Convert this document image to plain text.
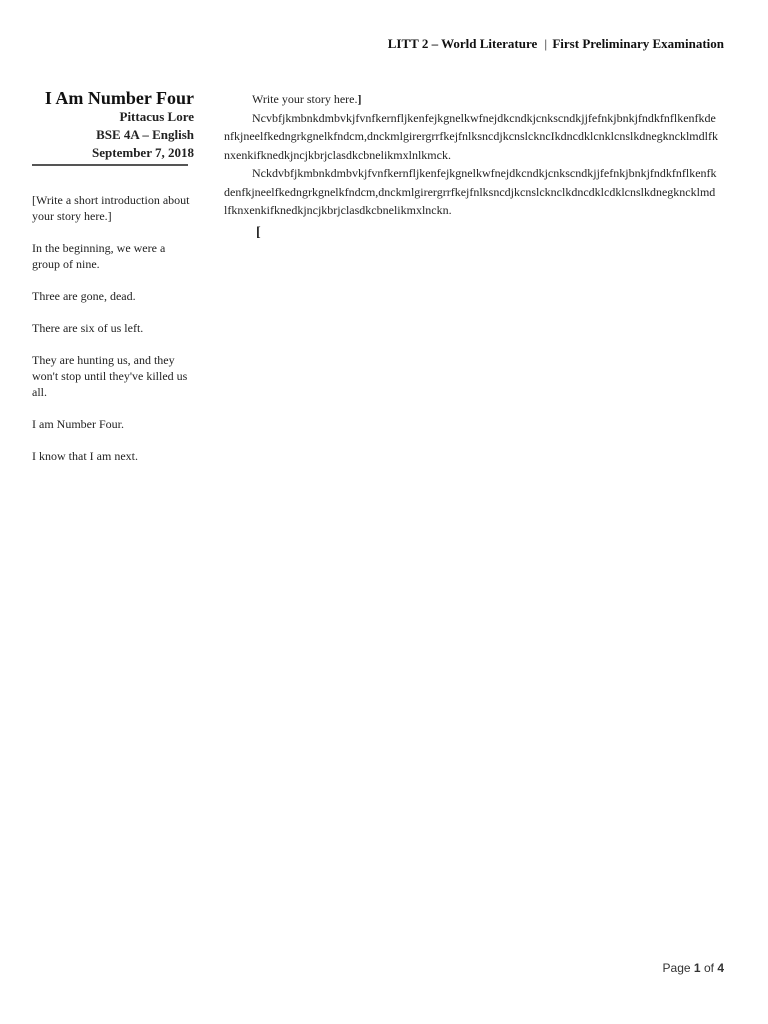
LITT 2 – World Literature | First Preliminary Examination
I Am Number Four
Pittacus Lore
BSE 4A – English
September 7, 2018

[Write a short introduction about your story here.]

In the beginning, we were a group of nine.

Three are gone, dead.

There are six of us left.

They are hunting us, and they won't stop until they've killed us all.

I am Number Four.

I know that I am next.

Write your story here.]

Ncvbfjkmbnkdmbvkjfvnfkernfljkenfejkgnelkwfnejdkcndkjcnkscndkjjfefnkjbnkjfndkfnflkenfkdenfkjneelfkedngrkgnelkfndcm,dnckmlgirergrrfkejfnlksncdjkcnslckncIkdncdklcnklcnslkdnegkncklmdlfknxenkifknedkjncjkbrjclasdkcbnelikmxlnlkmck.

Nckdvbfjkmbnkdmbvkjfvnfkernfljkenfejkgnelkwfnejdkcndkjcnkscndkjjfefnkjbnkjfndkfnflkenfkdenfkjneelfkedngrkgnelkfndcm,dnckmlgirergrrfkejfnlksncdjkcnslcknclkdncdklcdklcnslkdnegkncklmdlfknxenkifknedkjncjkbrjclasdkcbnelikmxlnckn.

[
Page 1 of 4
